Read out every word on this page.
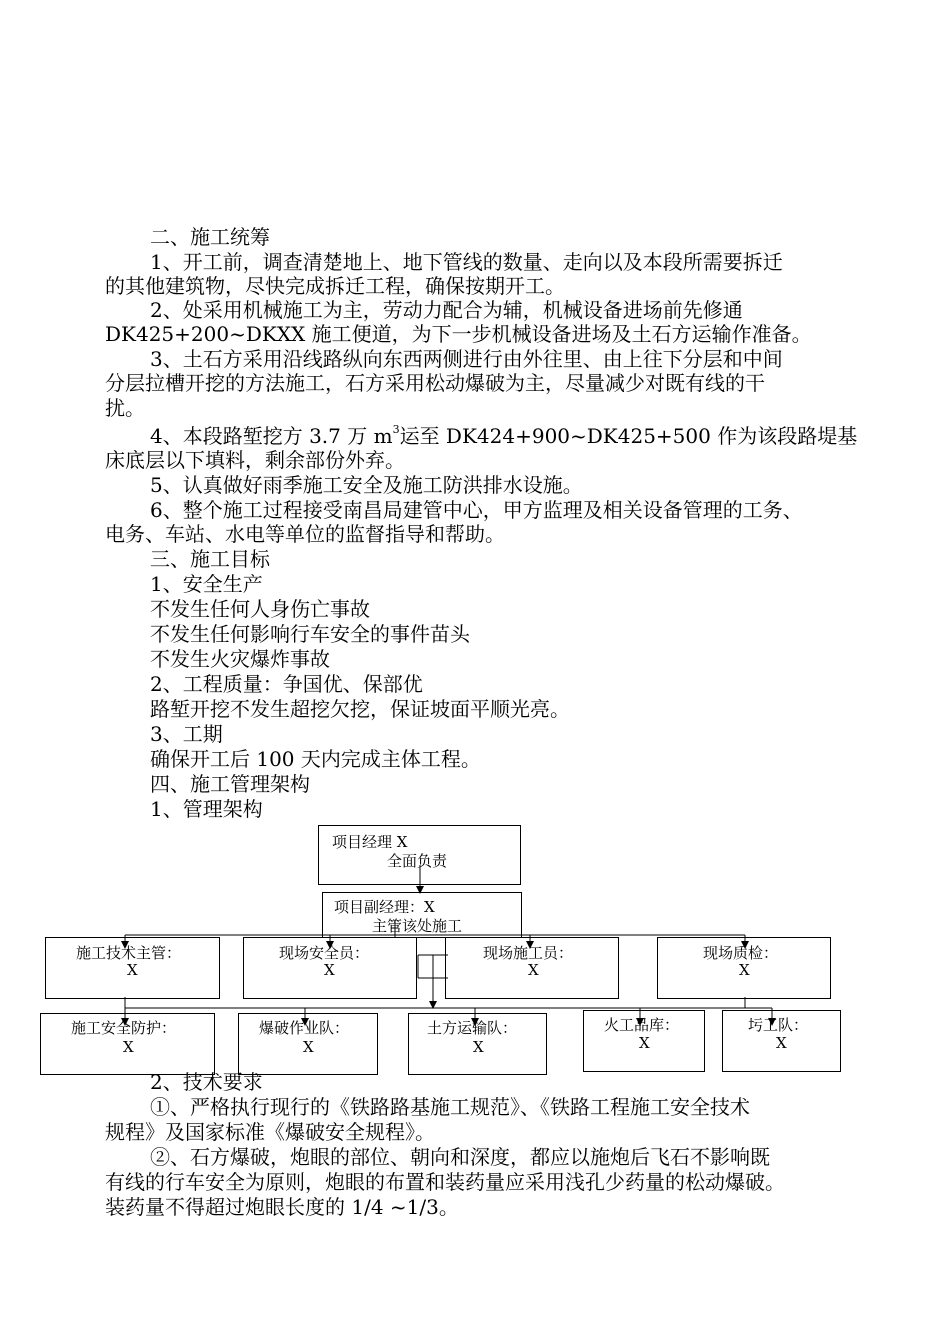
二、施工统筹
1、开工前，调查清楚地上、地下管线的数量、走向以及本段所需要拆迁
的其他建筑物，尽快完成拆迁工程，确保按期开工。
2、处采用机械施工为主，劳动力配合为辅，机械设备进场前先修通
DK425+200~DKXX 施工便道，为下一步机械设备进场及土石方运输作准备。
3、土石方采用沿线路纵向东西两侧进行由外往里、由上往下分层和中间
分层拉槽开挖的方法施工，石方采用松动爆破为主，尽量减少对既有线的干
扰。
4、本段路堑挖方 3.7 万 $m^3$运至 DK424+900~DK425+500 作为该段路堤基
床底层以下填料，剩余部份外弃。
5、认真做好雨季施工安全及施工防洪排水设施。
6、整个施工过程接受南昌局建管中心，甲方监理及相关设备管理的工务、
电务、车站、水电等单位的监督指导和帮助。
三、施工目标
1、安全生产
不发生任何人身伤亡事故
不发生任何影响行车安全的事件苗头
不发生火灾爆炸事故
2、工程质量：争国优、保部优
路堑开挖不发生超挖欠挖，保证坡面平顺光亮。
3、工期
确保开工后 100 天内完成主体工程。
四、施工管理架构
1、管理架构
项目经理 X
全面负责
项目副经理：X
主管该处施工
施工技术主管：
X
现场安全员：
X
现场施工员：
X
现场质检：
X
施工安全防护：
X
爆破作业队：
X
土方运输队：
X
火工品库：
X
圬工队：
X
2、技术要求
①、严格执行现行的《铁路路基施工规范》、《铁路工程施工安全技术
规程》及国家标准《爆破安全规程》。
②、石方爆破，炮眼的部位、朝向和深度，都应以施炮后飞石不影响既
有线的行车安全为原则，炮眼的布置和装药量应采用浅孔少药量的松动爆破。
装药量不得超过炮眼长度的 1/4 ~1/3。
